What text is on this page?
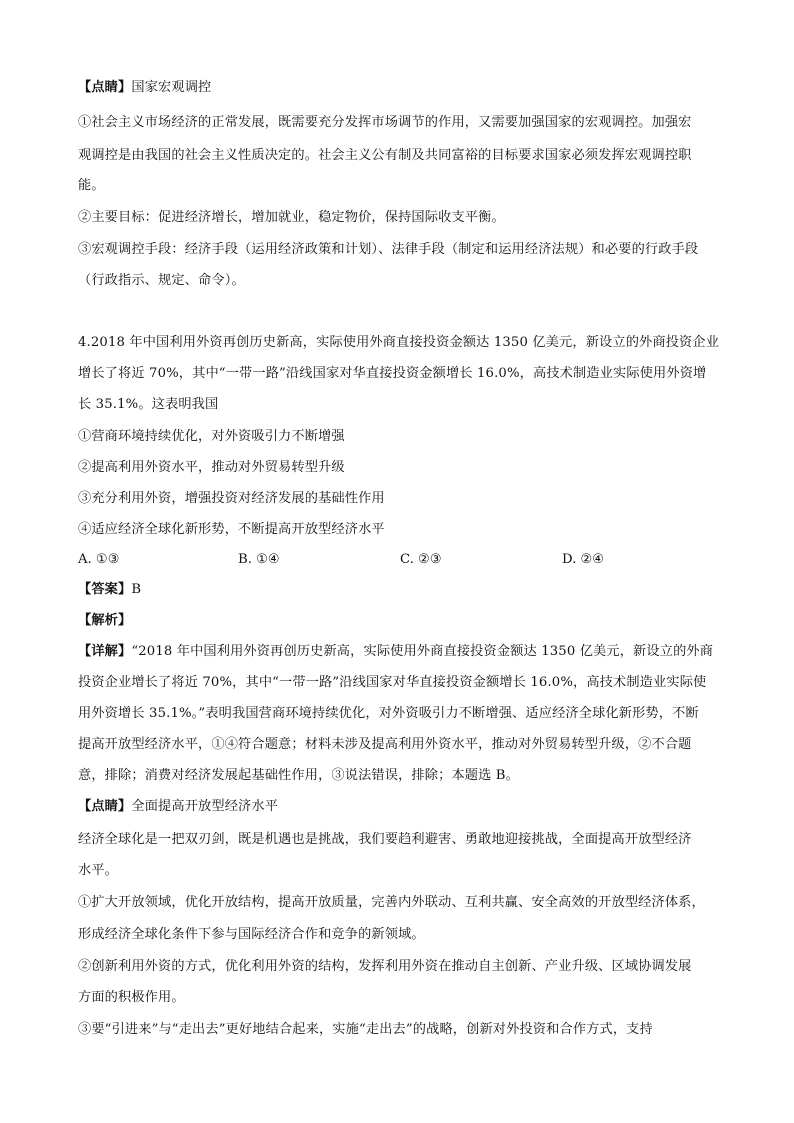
【点睛】国家宏观调控
①社会主义市场经济的正常发展，既需要充分发挥市场调节的作用，又需要加强国家的宏观调控。加强宏
观调控是由我国的社会主义性质决定的。社会主义公有制及共同富裕的目标要求国家必须发挥宏观调控职
能。
②主要目标：促进经济增长，增加就业，稳定物价，保持国际收支平衡。
③宏观调控手段：经济手段（运用经济政策和计划）、法律手段（制定和运用经济法规）和必要的行政手段
（行政指示、规定、命令）。
4.2018 年中国利用外资再创历史新高，实际使用外商直接投资金额达 1350 亿美元，新设立的外商投资企业
增长了将近 70%，其中“一带一路”沿线国家对华直接投资金额增长 16.0%，高技术制造业实际使用外资增
长 35.1%。这表明我国
①营商环境持续优化，对外资吸引力不断增强
②提高利用外资水平，推动对外贸易转型升级
③充分利用外资，增强投资对经济发展的基础性作用
④适应经济全球化新形势，不断提高开放型经济水平
A. ①③	B. ①④	C. ②③	D. ②④
【答案】B
【解析】
【详解】“2018 年中国利用外资再创历史新高，实际使用外商直接投资金额达 1350 亿美元，新设立的外商
投资企业增长了将近 70%，其中“一带一路”沿线国家对华直接投资金额增长 16.0%，高技术制造业实际使
用外资增长 35.1%。”表明我国营商环境持续优化，对外资吸引力不断增强、适应经济全球化新形势，不断
提高开放型经济水平，①④符合题意；材料未涉及提高利用外资水平，推动对外贸易转型升级，②不合题
意，排除；消费对经济发展起基础性作用，③说法错误，排除；本题选 B。
【点睛】全面提高开放型经济水平
经济全球化是一把双刃剑，既是机遇也是挑战，我们要趋利避害、勇敢地迎接挑战，全面提高开放型经济
水平。
①扩大开放领域，优化开放结构，提高开放质量，完善内外联动、互利共赢、安全高效的开放型经济体系，
形成经济全球化条件下参与国际经济合作和竞争的新领域。
②创新利用外资的方式，优化利用外资的结构，发挥利用外资在推动自主创新、产业升级、区域协调发展
方面的积极作用。
③要“引进来”与“走出去”更好地结合起来，实施“走出去”的战略，创新对外投资和合作方式，支持
